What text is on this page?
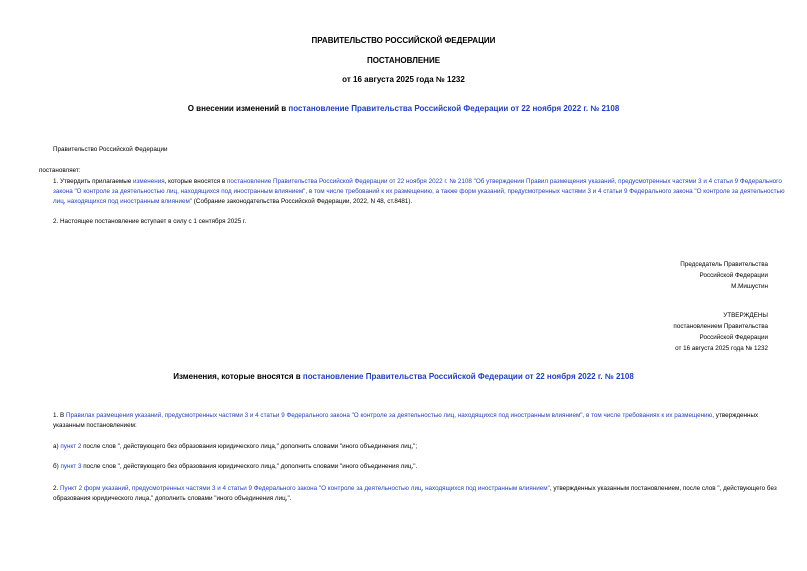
ПРАВИТЕЛЬСТВО РОССИЙСКОЙ ФЕДЕРАЦИИ
ПОСТАНОВЛЕНИЕ
от 16 августа 2025 года № 1232
О внесении изменений в постановление Правительства Российской Федерации от 22 ноября 2022 г. № 2108
Правительство Российской Федерации
постановляет:
1. Утвердить прилагаемые изменения, которые вносятся в постановление Правительства Российской Федерации от 22 ноября 2022 г. № 2108 "Об утверждении Правил размещения указаний, предусмотренных частями 3 и 4 статьи 9 Федерального закона "О контроле за деятельностью лиц, находящихся под иностранным влиянием", в том числе требований к их размещению, а также форм указаний, предусмотренных частями 3 и 4 статьи 9 Федерального закона "О контроле за деятельностью лиц, находящихся под иностранным влиянием" (Собрание законодательства Российской Федерации, 2022, N 48, ст.8481).
2. Настоящее постановление вступает в силу с 1 сентября 2025 г.
Председатель Правительства
Российской Федерации
М.Мишустин
УТВЕРЖДЕНЫ
постановлением Правительства
Российской Федерации
от 16 августа 2025 года № 1232
Изменения, которые вносятся в постановление Правительства Российской Федерации от 22 ноября 2022 г. № 2108
1. В Правилах размещения указаний, предусмотренных частями 3 и 4 статьи 9 Федерального закона "О контроле за деятельностью лиц, находящихся под иностранным влиянием", в том числе требованиях к их размещению, утвержденных указанным постановлением:
а) пункт 2 после слов ", действующего без образования юридического лица," дополнить словами "иного объединения лиц,";
б) пункт 3 после слов ", действующего без образования юридического лица," дополнить словами "иного объединения лиц,".
2. Пункт 2 форм указаний, предусмотренных частями 3 и 4 статьи 9 Федерального закона "О контроле за деятельностью лиц, находящихся под иностранным влиянием", утвержденных указанным постановлением, после слов ", действующего без образования юридического лица," дополнить словами "иного объединения лиц,".
